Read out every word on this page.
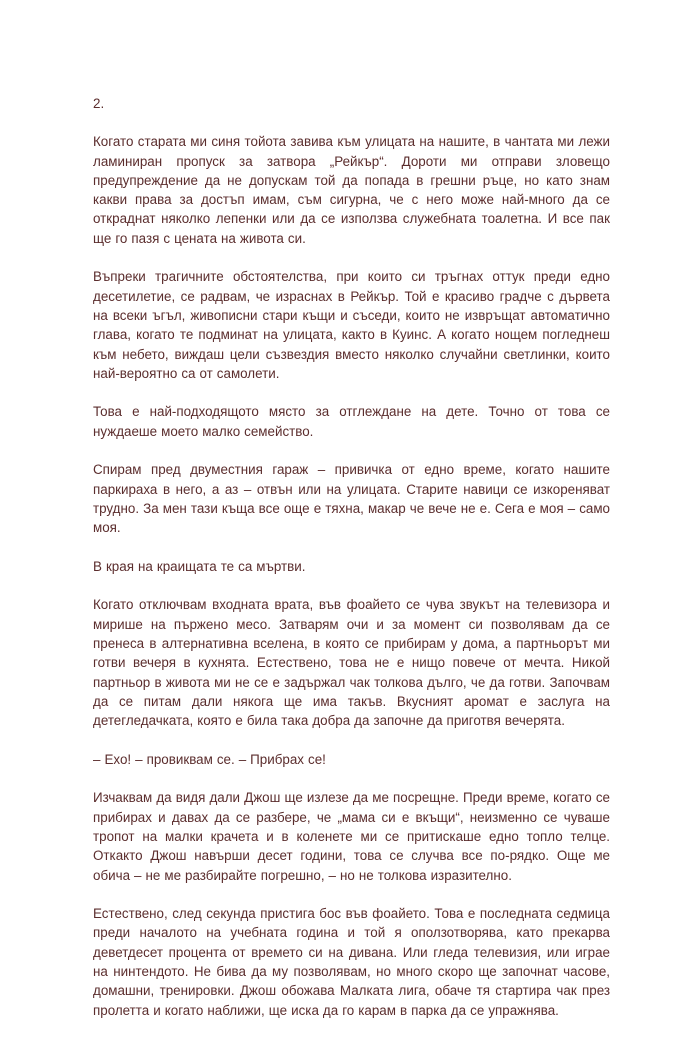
2.

Когато старата ми синя тойота завива към улицата на нашите, в чантата ми лежи ламиниран пропуск за затвора „Рейкър“. Дороти ми отправи зловещо предупреждение да не допускам той да попада в грешни ръце, но като знам какви права за достъп имам, съм сигурна, че с него може най-много да се откраднат няколко лепенки или да се използва служебната тоалетна. И все пак ще го пазя с цената на живота си.

Въпреки трагичните обстоятелства, при които си тръгнах оттук преди едно десетилетие, се радвам, че израснах в Рейкър. Той е красиво градче с дървета на всеки ъгъл, живописни стари къщи и съседи, които не извръщат автоматично глава, когато те подминат на улицата, както в Куинс. А когато нощем погледнеш към небето, виждаш цели съзвездия вместо няколко случайни светлинки, които най-вероятно са от самолети.

Това е най-подходящото място за отглеждане на дете. Точно от това се нуждаеше моето малко семейство.

Спирам пред двуместния гараж – привичка от едно време, когато нашите паркираха в него, а аз – отвън или на улицата. Старите навици се изкореняват трудно. За мен тази къща все още е тяхна, макар че вече не е. Сега е моя – само моя.

В края на краищата те са мъртви.

Когато отключвам входната врата, във фоайето се чува звукът на телевизора и мирише на пържено месо. Затварям очи и за момент си позволявам да се пренеса в алтернативна вселена, в която се прибирам у дома, а партньорът ми готви вечеря в кухнята. Естествено, това не е нищо повече от мечта. Никой партньор в живота ми не се е задържал чак толкова дълго, че да готви. Започвам да се питам дали някога ще има такъв. Вкусният аромат е заслуга на детегледачката, която е била така добра да започне да приготвя вечерята.

– Ехо! – провиквам се. – Прибрах се!

Изчаквам да видя дали Джош ще излезе да ме посрещне. Преди време, когато се прибирах и давах да се разбере, че „мама си е вкъщи“, неизменно се чуваше тропот на малки крачета и в коленете ми се притискаше едно топло телце. Откакто Джош навърши десет години, това се случва все по-рядко. Още ме обича – не ме разбирайте погрешно, – но не толкова изразително.

Естествено, след секунда пристига бос във фоайето. Това е последната седмица преди началото на учебната година и той я оползотворява, като прекарва деветдесет процента от времето си на дивана. Или гледа телевизия, или играе на нинтендото. Не бива да му позволявам, но много скоро ще започнат часове, домашни, тренировки. Джош обожава Малката лига, обаче тя стартира чак през пролетта и когато наближи, ще иска да го карам в парка да се упражнява.
